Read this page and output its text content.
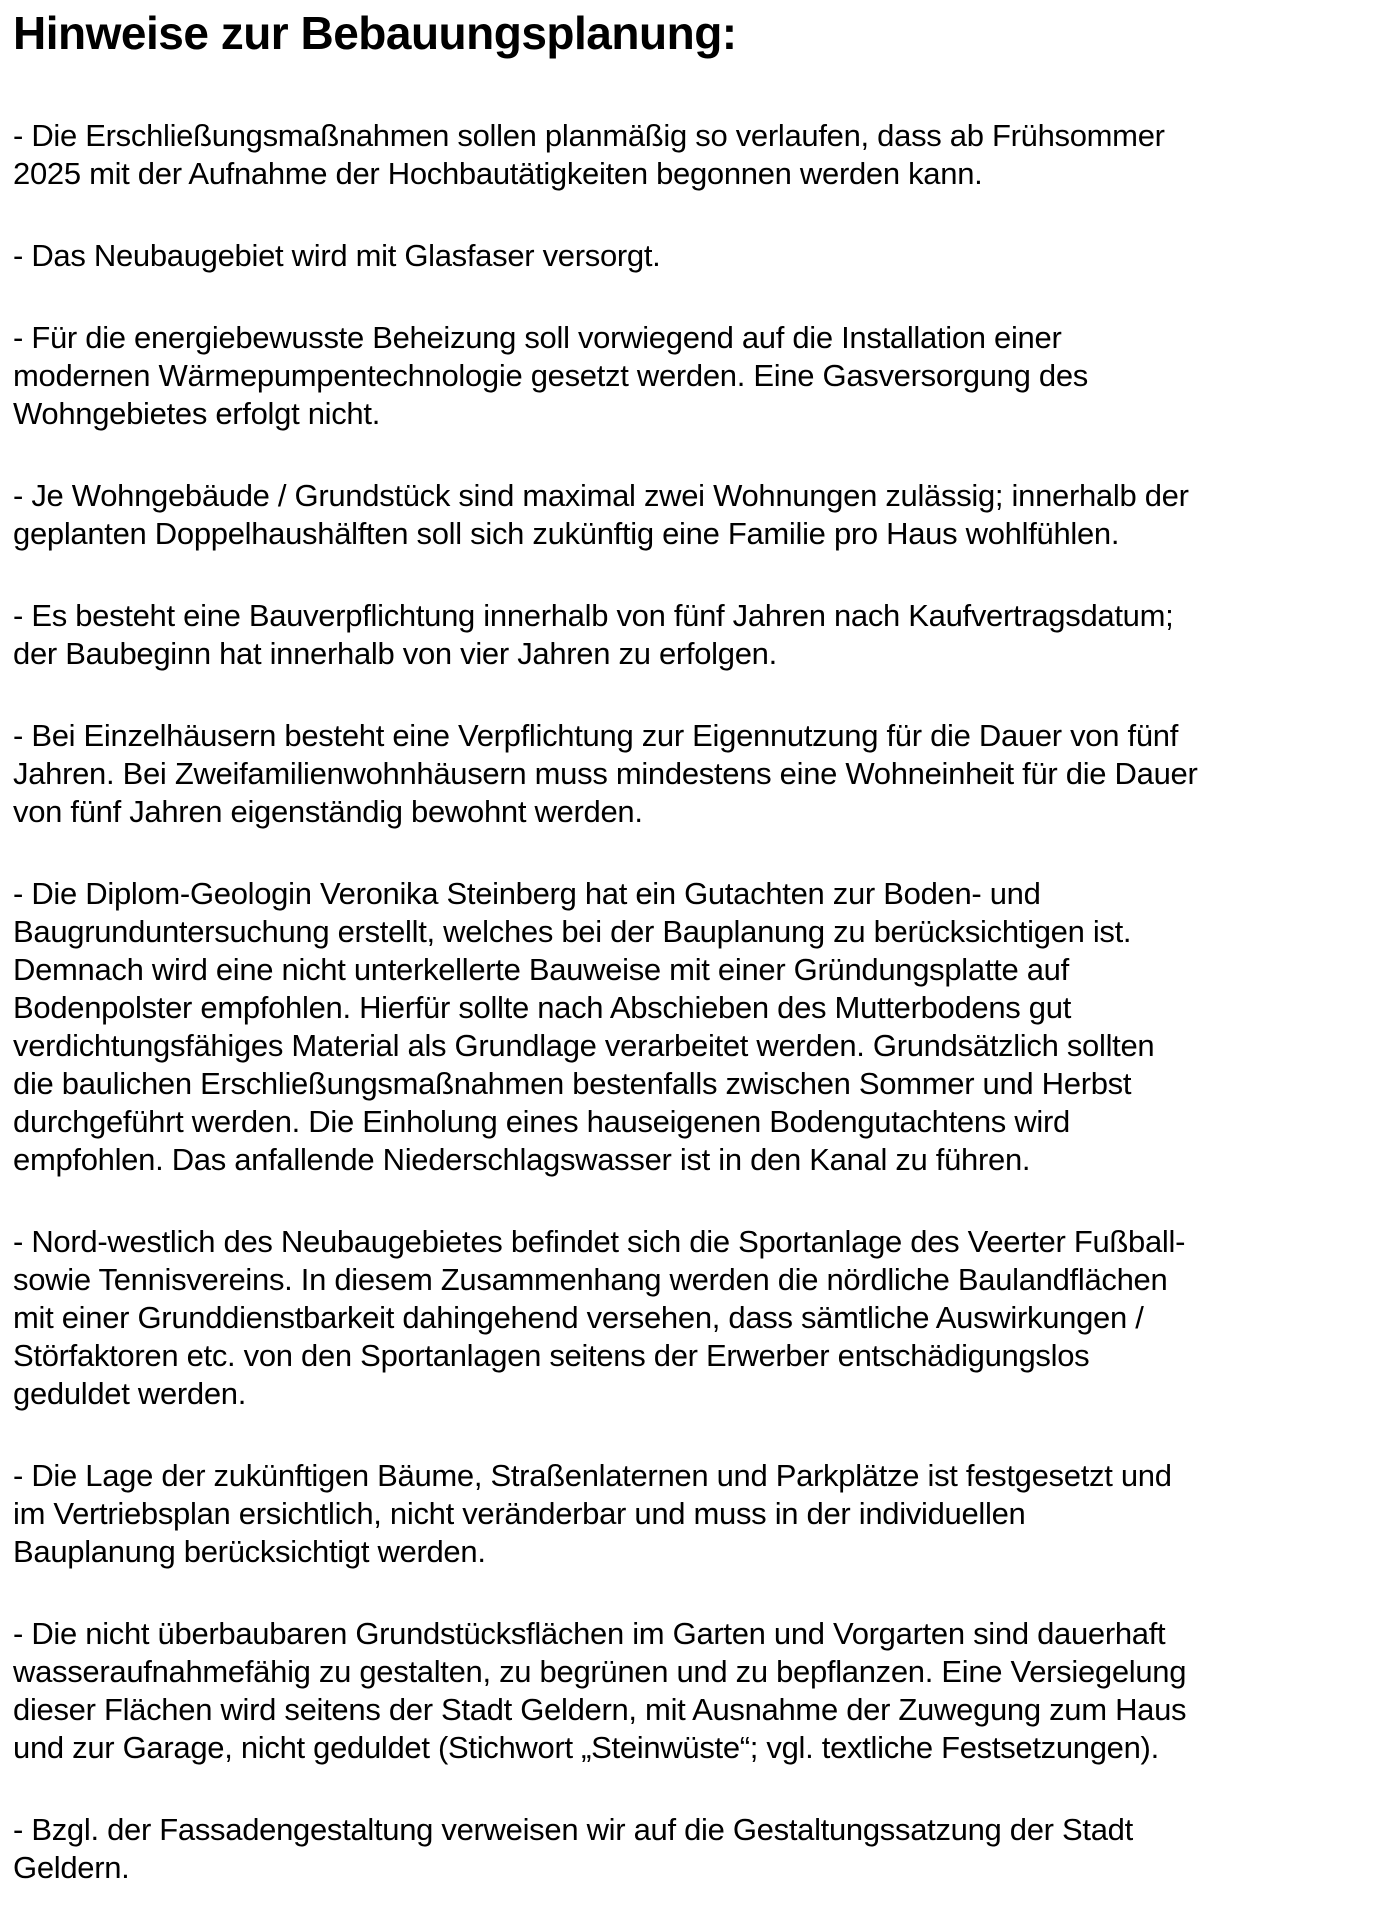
Hinweise zur Bebauungsplanung:
- Die Erschließungsmaßnahmen sollen planmäßig so verlaufen, dass ab Frühsommer
2025 mit der Aufnahme der Hochbautätigkeiten begonnen werden kann.
- Das Neubaugebiet wird mit Glasfaser versorgt.
- Für die energiebewusste Beheizung soll vorwiegend auf die Installation einer
modernen Wärmepumpentechnologie gesetzt werden. Eine Gasversorgung des
Wohngebietes erfolgt nicht.
- Je Wohngebäude / Grundstück sind maximal zwei Wohnungen zulässig; innerhalb der
geplanten Doppelhaushälften soll sich zukünftig eine Familie pro Haus wohlfühlen.
- Es besteht eine Bauverpflichtung innerhalb von fünf Jahren nach Kaufvertragsdatum;
der Baubeginn hat innerhalb von vier Jahren zu erfolgen.
- Bei Einzelhäusern besteht eine Verpflichtung zur Eigennutzung für die Dauer von fünf
Jahren. Bei Zweifamilienwohnhäusern muss mindestens eine Wohneinheit für die Dauer
von fünf Jahren eigenständig bewohnt werden.
- Die Diplom-Geologin Veronika Steinberg hat ein Gutachten zur Boden- und
Baugrunduntersuchung erstellt, welches bei der Bauplanung zu berücksichtigen ist.
Demnach wird eine nicht unterkellerte Bauweise mit einer Gründungsplatte auf
Bodenpolster empfohlen. Hierfür sollte nach Abschieben des Mutterbodens gut
verdichtungsfähiges Material als Grundlage verarbeitet werden. Grundsätzlich sollten
die baulichen Erschließungsmaßnahmen bestenfalls zwischen Sommer und Herbst
durchgeführt werden. Die Einholung eines hauseigenen Bodengutachtens wird
empfohlen. Das anfallende Niederschlagswasser ist in den Kanal zu führen.
- Nord-westlich des Neubaugebietes befindet sich die Sportanlage des Veerter Fußball-
sowie Tennisvereins. In diesem Zusammenhang werden die nördliche Baulandflächen
mit einer Grunddienstbarkeit dahingehend versehen, dass sämtliche Auswirkungen /
Störfaktoren etc. von den Sportanlagen seitens der Erwerber entschädigungslos
geduldet werden.
- Die Lage der zukünftigen Bäume, Straßenlaternen und Parkplätze ist festgesetzt und
im Vertriebsplan ersichtlich, nicht veränderbar und muss in der individuellen
Bauplanung berücksichtigt werden.
- Die nicht überbaubaren Grundstücksflächen im Garten und Vorgarten sind dauerhaft
wasseraufnahmefähig zu gestalten, zu begrünen und zu bepflanzen. Eine Versiegelung
dieser Flächen wird seitens der Stadt Geldern, mit Ausnahme der Zuwegung zum Haus
und zur Garage, nicht geduldet (Stichwort „Steinwüste“; vgl. textliche Festsetzungen).
- Bzgl. der Fassadengestaltung verweisen wir auf die Gestaltungssatzung der Stadt
Geldern.
